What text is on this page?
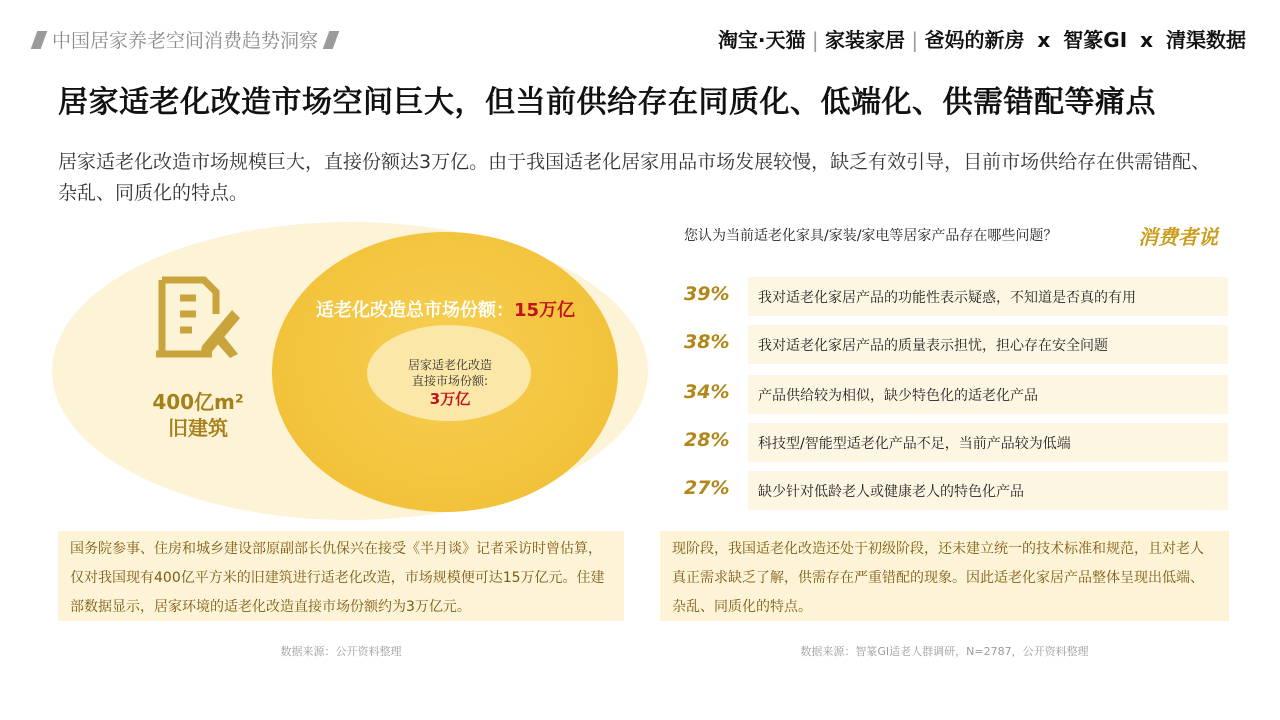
中国居家养老空间消费趋势洞察	淘宝·天猫 | 家装家居 | 爸妈的新房 x 智篆GI x 清渠数据
居家适老化改造市场空间巨大，但当前供给存在同质化、低端化、供需错配等痛点
居家适老化改造市场规模巨大，直接份额达3万亿。由于我国适老化居家用品市场发展较慢，缺乏有效引导，目前市场供给存在供需错配、杂乱、同质化的特点。
400亿m²
旧建筑
适老化改造总市场份额：15万亿
居家适老化改造
直接市场份额:
3万亿
您认为当前适老化家具/家装/家电等居家产品存在哪些问题？	消费者说
39%	我对适老化家居产品的功能性表示疑惑，不知道是否真的有用
38%	我对适老化家居产品的质量表示担忧，担心存在安全问题
34%	产品供给较为相似，缺少特色化的适老化产品
28%	科技型/智能型适老化产品不足，当前产品较为低端
27%	缺少针对低龄老人或健康老人的特色化产品
国务院参事、住房和城乡建设部原副部长仇保兴在接受《半月谈》记者采访时曾估算，仅对我国现有400亿平方米的旧建筑进行适老化改造，市场规模便可达15万亿元。住建部数据显示，居家环境的适老化改造直接市场份额约为3万亿元。
现阶段，我国适老化改造还处于初级阶段，还未建立统一的技术标准和规范，且对老人真正需求缺乏了解，供需存在严重错配的现象。因此适老化家居产品整体呈现出低端、杂乱、同质化的特点。
数据来源：公开资料整理	数据来源：智篆GI适老人群调研，N=2787，公开资料整理
